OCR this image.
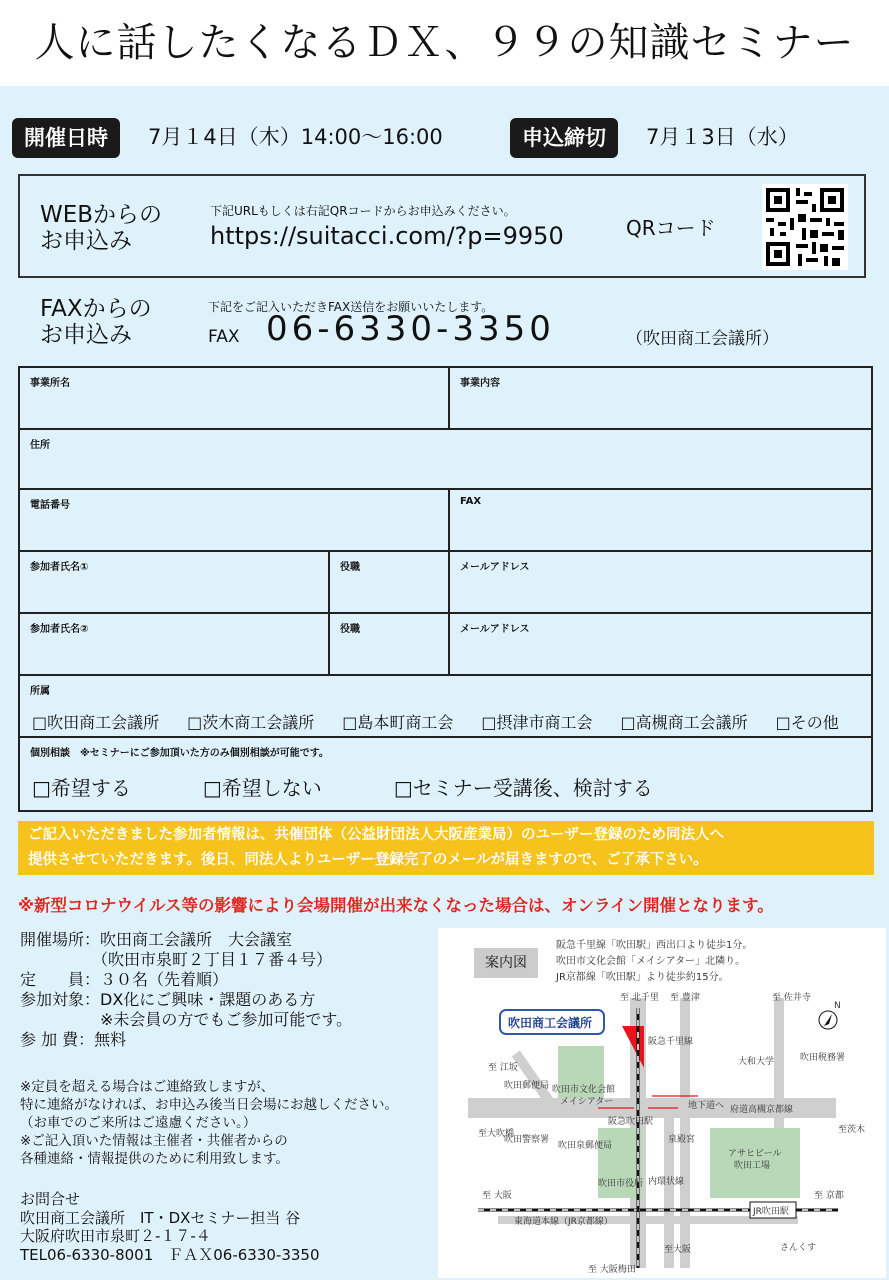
人に話したくなるＤＸ、９９の知識セミナー
開催日時	7月１4日（木）14:00〜16:00	申込締切	7月１3日（水）
WEBからの
お申込み
下記URLもしくは右記QRコードからお申込みください。
https://suitacci.com/?p=9950	QRコード
FAXからの
お申込み
下記をご記入いただきFAX送信をお願いいたします。
FAX 06-6330-3350	（吹田商工会議所）
事業所名	事業内容
住所
電話番号	FAX
参加者氏名①	役職	メールアドレス
参加者氏名②	役職	メールアドレス
所属
□吹田商工会議所 □茨木商工会議所 □島本町商工会 □摂津市商工会 □高槻商工会議所 □その他
個別相談　 ※セミナーにご参加頂いた方のみ個別相談が可能です。
□希望する	□希望しない	□セミナー受講後、検討する
ご記入いただきました参加者情報は、共催団体（公益財団法人大阪産業局）のユーザー登録のため同法人へ
提供させていただきます。後日、同法人よりユーザー登録完了のメールが届きますので、ご了承下さい。
※新型コロナウイルス等の影響により会場開催が出来なくなった場合は、オンライン開催となります。
開催場所：吹田商工会議所　大会議室
　　　　　（吹田市泉町２丁目１７番４号）
定　　員：３０名（先着順）
参加対象：DX化にご興味・課題のある方
　　　　　※未会員の方でもご参加可能です。
参 加 費：無料
※定員を超える場合はご連絡致しますが、
特に連絡がなければ、お申込み後当日会場にお越しください。
（お車でのご来所はご遠慮ください。）
※ご記入頂いた情報は主催者・共催者からの
各種連絡・情報提供のために利用致します。
お問合せ
吹田商工会議所　IT・DXセミナー担当 谷
大阪府吹田市泉町２-１７-４
TEL06-6330-8001　ＦＡＸ06-6330-3350
案内図
阪急千里線「吹田駅」西出口より徒歩1分。
吹田市文化会館「メイシアター」北隣り。
JR京都線「吹田駅」より徒歩約15分。
吹田商工会議所
N
至 北千里 至 豊津	至 佐井寺
至 江坂
吹田郵便局
至大吹橋
吹田市文化会館
メイシアター
阪急千里線
吹田警察署
吹田泉郵便局
大和大学	吹田税務署
至茨木
地下道へ 府道高槻京都線
泉殿宮
阪急吹田駅
内環状線
吹田市役所
アサヒビール
吹田工場
至 大阪
東海道本線（JR京都線）
JR吹田駅
至 京都
さんくす
至大阪
至 大阪梅田
